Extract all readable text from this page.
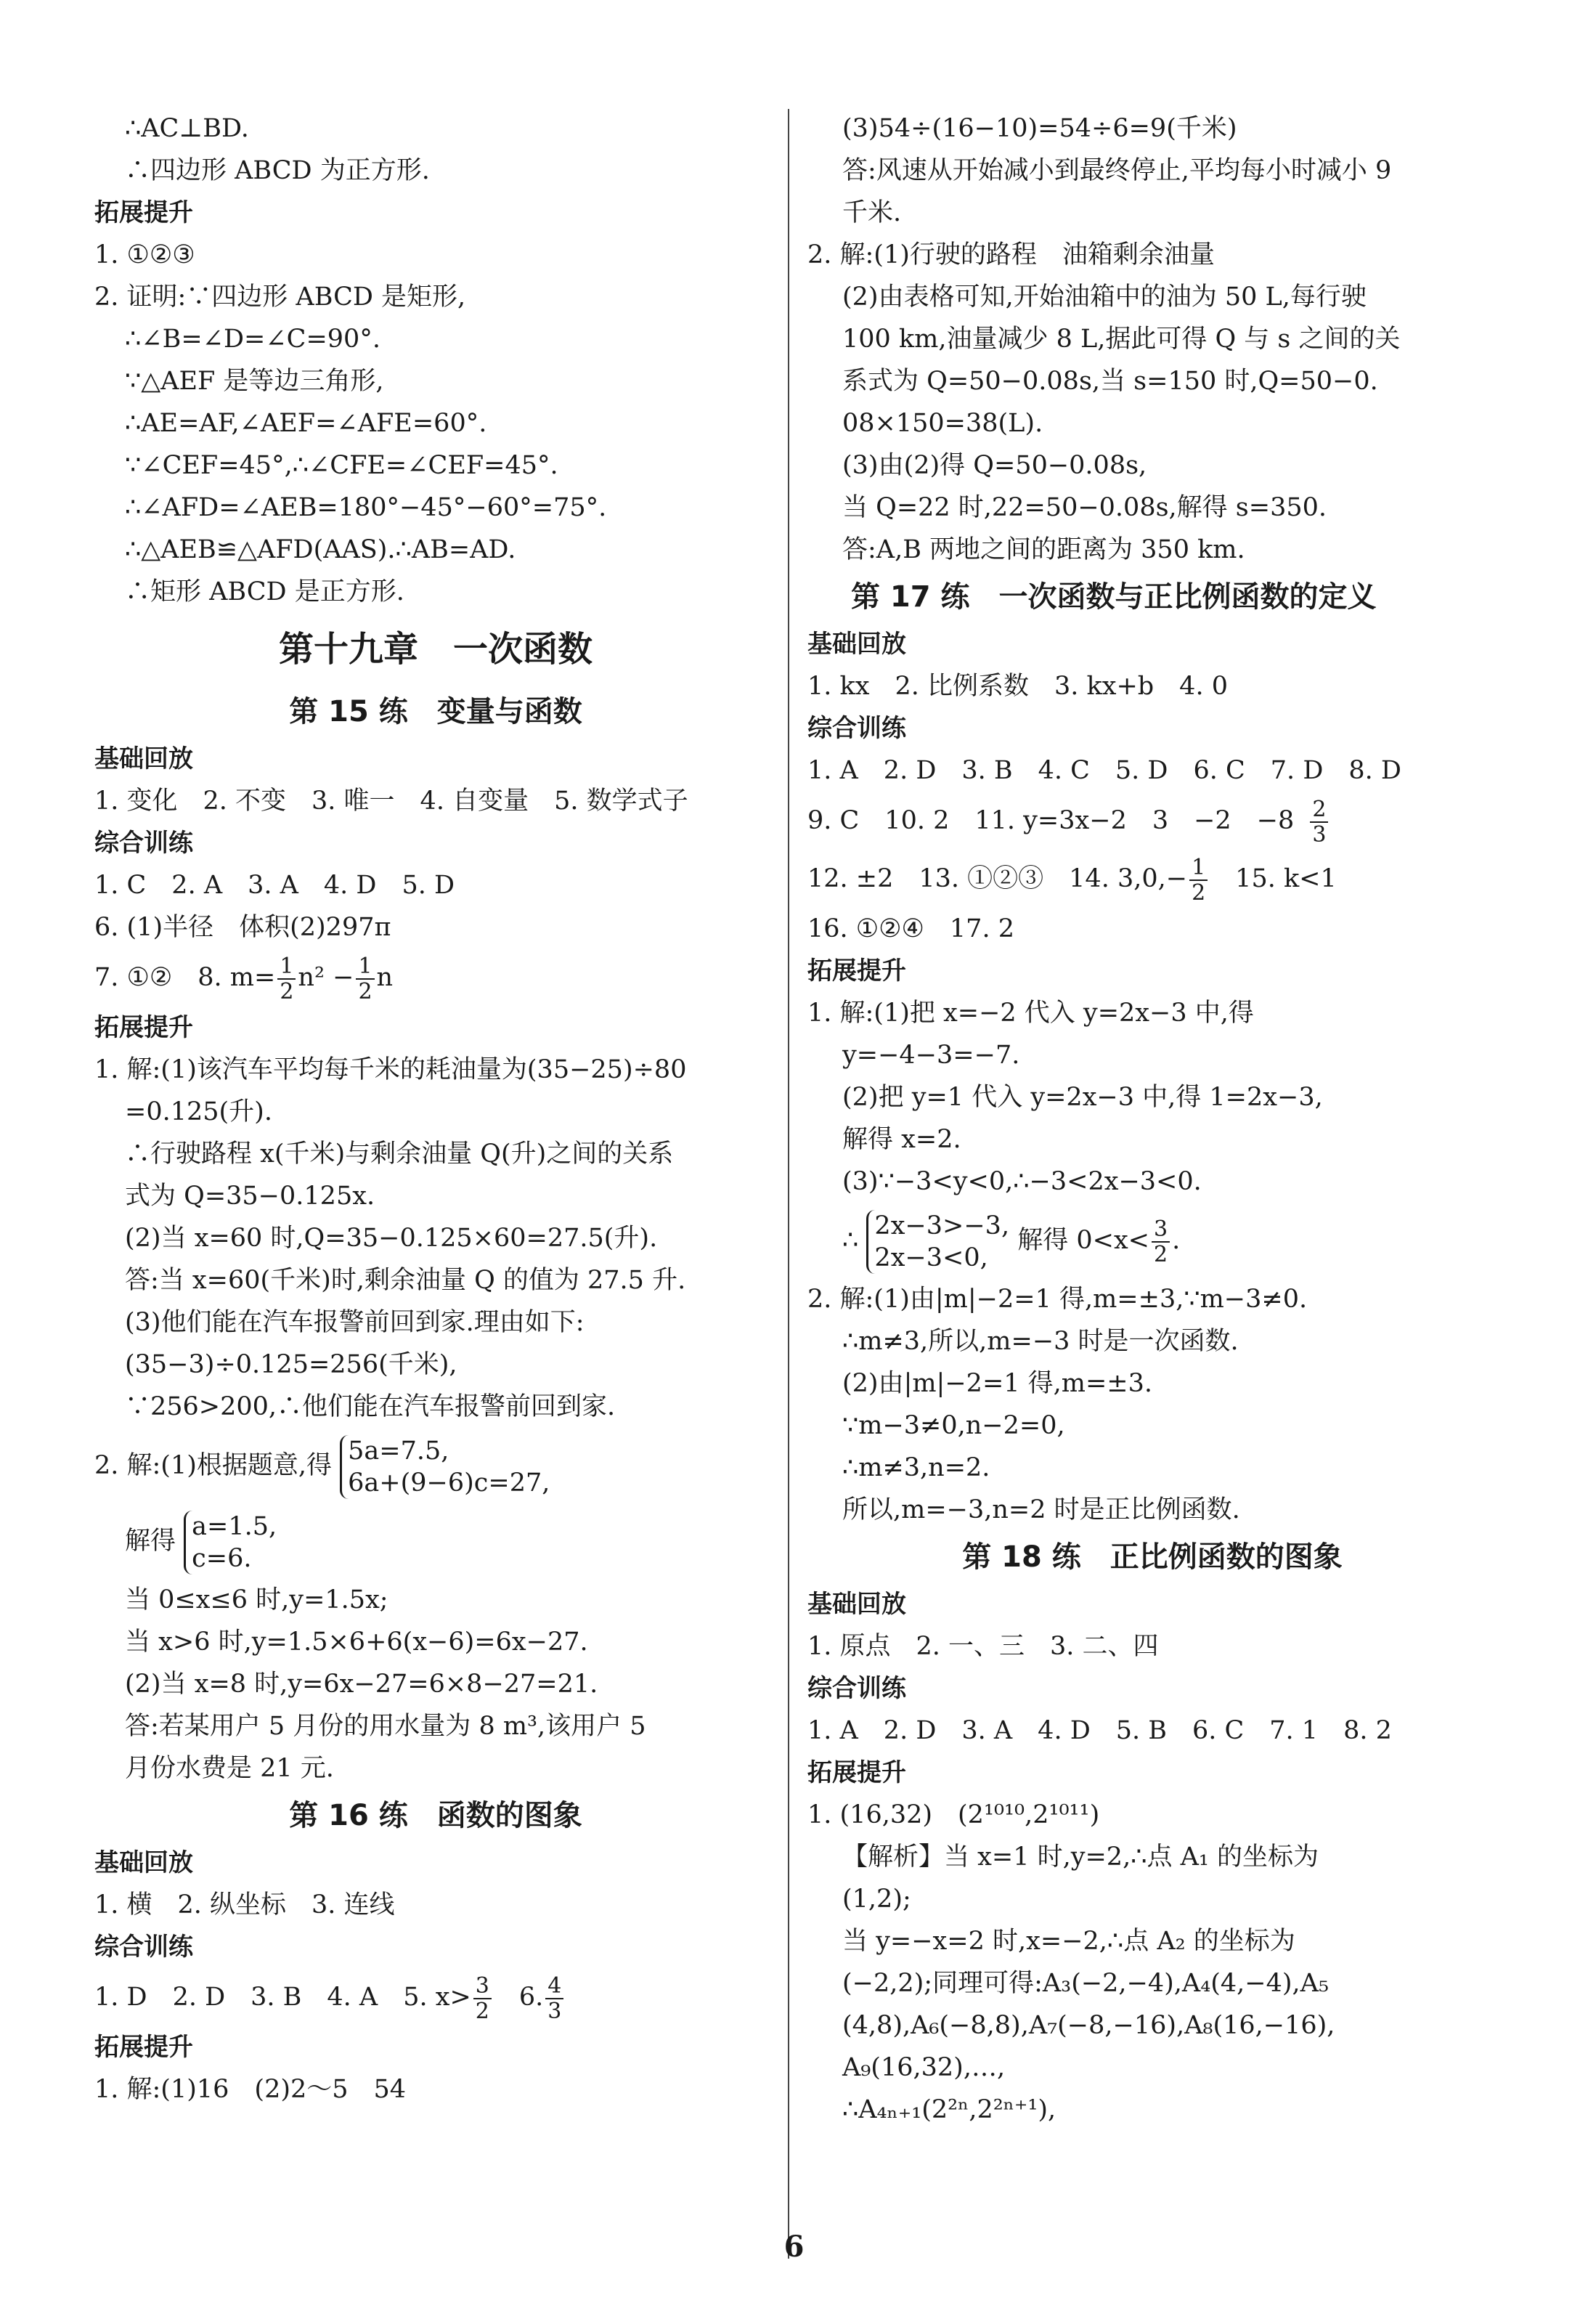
∴AC⊥BD.
∴四边形 ABCD 为正方形.
拓展提升
1. ①②③
2. 证明:∵四边形 ABCD 是矩形,
∴∠B=∠D=∠C=90°.
∵△AEF 是等边三角形,
∴AE=AF,∠AEF=∠AFE=60°.
∵∠CEF=45°,∴∠CFE=∠CEF=45°.
∴∠AFD=∠AEB=180°−45°−60°=75°.
∴△AEB≌△AFD(AAS).∴AB=AD.
∴矩形 ABCD 是正方形.
第十九章　一次函数
第 15 练　变量与函数
基础回放
1. 变化　2. 不变　3. 唯一　4. 自变量　5. 数学式子
综合训练
1. C　2. A　3. A　4. D　5. D
6. (1)半径　体积(2)297π
7. ①②　8. $m= \frac{1}{2} n^2 - \frac{1}{2}$ n
拓展提升
1. 解:(1)该汽车平均每千米的耗油量为(35−25)÷80
=0.125(升).
∴行驶路程 x(千米)与剩余油量 Q(升)之间的关系
式为 Q=35−0.125x.
(2)当 x=60 时,Q=35−0.125×60=27.5(升).
答:当 x=60(千米)时,剩余油量 Q 的值为 27.5 升.
(3)他们能在汽车报警前回到家.理由如下:
(35−3)÷0.125=256(千米),
∵256>200,∴他们能在汽车报警前回到家.
2. 解:(1)根据题意,得
5a=7.5,
6a+(9−6)c=27,
解得
a=1.5,
c=6.
当 0≤x≤6 时,y=1.5x;
当 x>6 时,y=1.5×6+6(x−6)=6x−27.
(2)当 x=8 时,y=6x−27=6×8−27=21.
答:若某用户 5 月份的用水量为 8 m³,该用户 5
月份水费是 21 元.
第 16 练　函数的图象
基础回放
1. 横　2. 纵坐标　3. 连线
综合训练
1. D　2. D　3. B　4. A　5. $x> \frac{3}{2}$ 　6. $\frac{4}{3}$
拓展提升
1. 解:(1)16　(2)2～5　54
(3)54÷(16−10)=54÷6=9(千米)
答:风速从开始减小到最终停止,平均每小时减小 9
千米.
2. 解:(1)行驶的路程　油箱剩余油量
(2)由表格可知,开始油箱中的油为 50 L,每行驶
100 km,油量减少 8 L,据此可得 Q 与 s 之间的关
系式为 Q=50−0.08s,当 s=150 时,Q=50−0.
08×150=38(L).
(3)由(2)得 Q=50−0.08s,
当 Q=22 时,22=50−0.08s,解得 s=350.
答:A,B 两地之间的距离为 350 km.
第 17 练　一次函数与正比例函数的定义
基础回放
1. kx　2. 比例系数　3. kx+b　4. 0
综合训练
1. A　2. D　3. B　4. C　5. D　6. C　7. D　8. D
9. C　10. 2　11. y=3x−2　3　−2　$-8 \frac{2}{3}$
12. ±2　13. ①②③　14. $3,0,- \frac{1}{2}$ 　15. k<1
16. ①②④　17. 2
拓展提升
1. 解:(1)把 x=−2 代入 y=2x−3 中,得
y=−4−3=−7.
(2)把 y=1 代入 y=2x−3 中,得 1=2x−3,
解得 x=2.
(3)∵−3<y<0,∴−3<2x−3<0.
∴
2x−3>−3,
2x−3<0,
解得 $0<x< \frac{3}{2}$ .
2. 解:(1)由|m|−2=1 得,m=±3,∵m−3≠0.
∴m≠3,所以,m=−3 时是一次函数.
(2)由|m|−2=1 得,m=±3.
∵m−3≠0,n−2=0,
∴m≠3,n=2.
所以,m=−3,n=2 时是正比例函数.
第 18 练　正比例函数的图象
基础回放
1. 原点　2. 一、三　3. 二、四
综合训练
1. A　2. D　3. A　4. D　5. B　6. C　7. 1　8. 2
拓展提升
1. (16,32)　(2¹⁰¹⁰,2¹⁰¹¹)
【解析】当 x=1 时,y=2,∴点 A₁ 的坐标为
(1,2);
当 y=−x=2 时,x=−2,∴点 A₂ 的坐标为
(−2,2);同理可得:A₃(−2,−4),A₄(4,−4),A₅
(4,8),A₆(−8,8),A₇(−8,−16),A₈(16,−16),
A₉(16,32),…,
∴A₄ₙ₊₁(2²ⁿ,2²ⁿ⁺¹),
6
